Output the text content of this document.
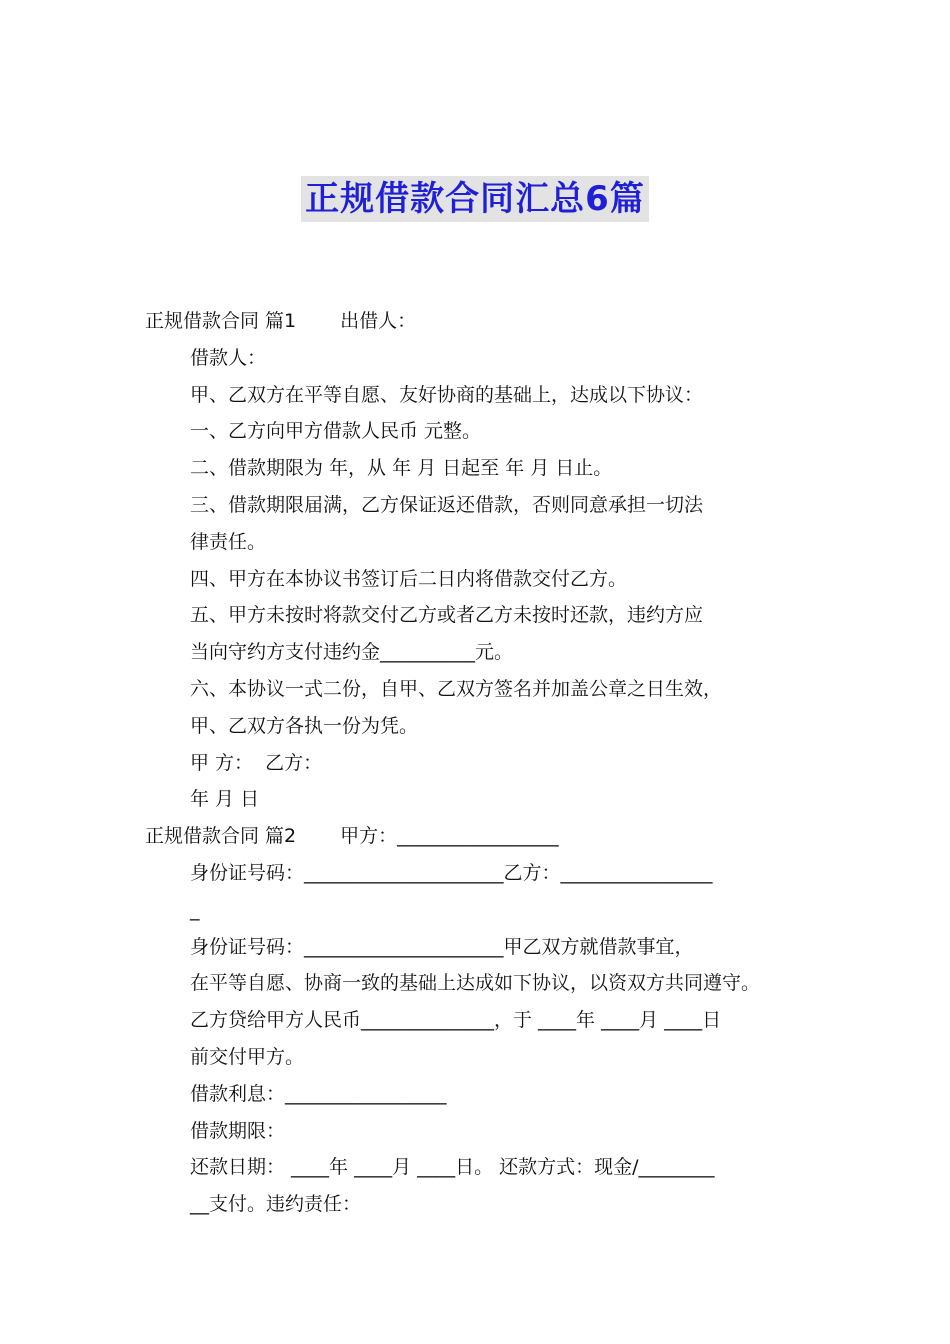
正规借款合同汇总6篇
正规借款合同 篇1 出借人：
借款人：
甲、乙双方在平等自愿、友好协商的基础上，达成以下协议：
一、乙方向甲方借款人民币 元整。
二、借款期限为 年，从 年 月 日起至 年 月 日止。
三、借款期限届满，乙方保证返还借款，否则同意承担一切法
律责任。
四、甲方在本协议书签订后二日内将借款交付乙方。
五、甲方未按时将款交付乙方或者乙方未按时还款，违约方应
当向守约方支付违约金__________元。
六、本协议一式二份，自甲、乙双方签名并加盖公章之日生效，
甲、乙双方各执一份为凭。
甲 方：  乙方：
年 月 日
正规借款合同 篇2 甲方：_________________
身份证号码：_____________________乙方：________________
_
身份证号码：_____________________甲乙双方就借款事宜，
在平等自愿、协商一致的基础上达成如下协议，以资双方共同遵守。
乙方贷给甲方人民币______________，于 ____年 ____月 ____日
前交付甲方。
借款利息：_________________
借款期限：
还款日期： ____年 ____月 ____日。 还款方式：现金/________
__支付。违约责任：
